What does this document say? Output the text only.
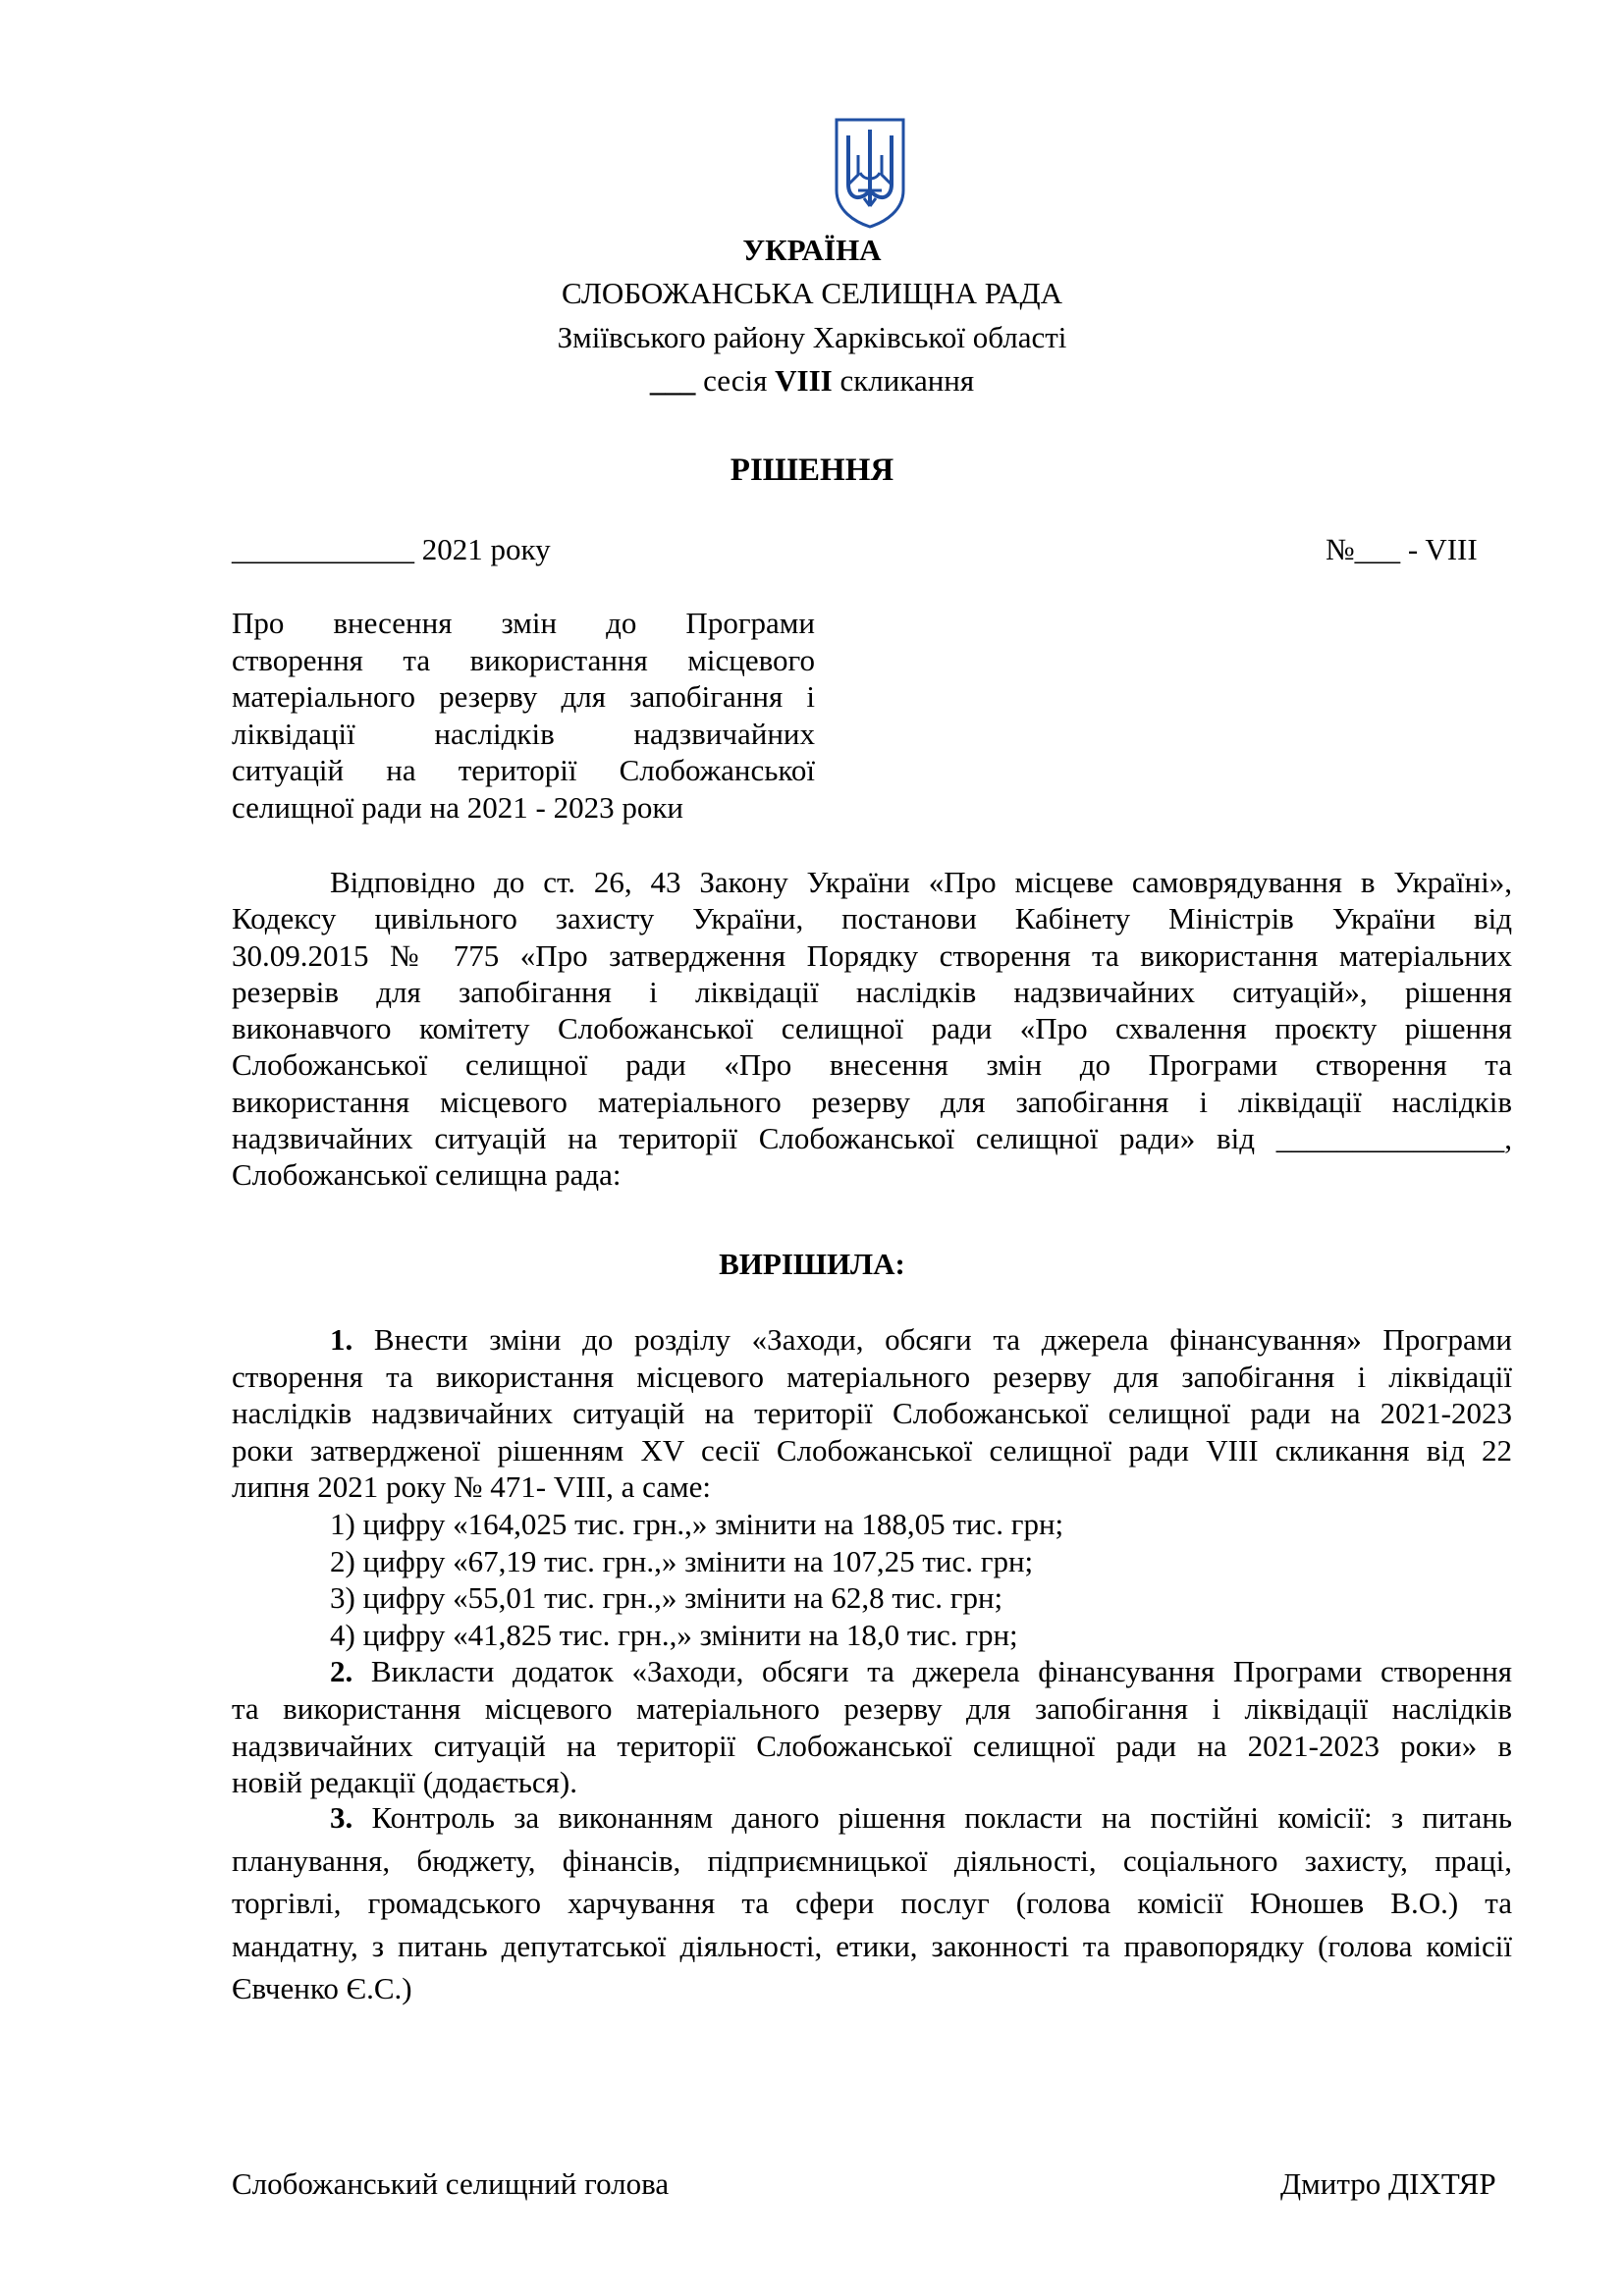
УКРАЇНА
СЛОБОЖАНСЬКА СЕЛИЩНА РАДА
Зміївського району Харківської області
___ сесія VIII скликання
РІШЕННЯ
____________ 2021 року	№___ - VIII
Про внесення змін до Програми
створення та використання місцевого
матеріального резерву для запобігання і
ліквідації наслідків надзвичайних
ситуацій на території Слобожанської
селищної ради на 2021 - 2023 роки
Відповідно до ст. 26, 43 Закону України «Про місцеве самоврядування в Україні»,
Кодексу цивільного захисту України, постанови Кабінету Міністрів України від
30.09.2015 № 775 «Про затвердження Порядку створення та використання матеріальних
резервів для запобігання і ліквідації наслідків надзвичайних ситуацій», рішення
виконавчого комітету Слобожанської селищної ради «Про схвалення проєкту рішення
Слобожанської селищної ради «Про внесення змін до Програми створення та
використання місцевого матеріального резерву для запобігання і ліквідації наслідків
надзвичайних ситуацій на території Слобожанської селищної ради» від _______________,
Слобожанської селищна рада:
ВИРІШИЛА:
1. Внести зміни до розділу «Заходи, обсяги та джерела фінансування» Програми
створення та використання місцевого матеріального резерву для запобігання і ліквідації
наслідків надзвичайних ситуацій на території Слобожанської селищної ради на 2021-2023
роки затвердженої рішенням XV сесії Слобожанської селищної ради VIII скликання від 22
липня 2021 року № 471- VIII, а саме:
1) цифру «164,025 тис. грн.,» змінити на 188,05 тис. грн;
2) цифру «67,19 тис. грн.,» змінити на 107,25 тис. грн;
3) цифру «55,01 тис. грн.,» змінити на 62,8 тис. грн;
4) цифру «41,825 тис. грн.,» змінити на 18,0 тис. грн;
2. Викласти додаток «Заходи, обсяги та джерела фінансування Програми створення
та використання місцевого матеріального резерву для запобігання і ліквідації наслідків
надзвичайних ситуацій на території Слобожанської селищної ради на 2021-2023 роки» в
новій редакції (додається).
3. Контроль за виконанням даного рішення покласти на постійні комісії: з питань
планування, бюджету, фінансів, підприємницької діяльності, соціального захисту, праці,
торгівлі, громадського харчування та сфери послуг (голова комісії Юношев В.О.) та
мандатну, з питань депутатської діяльності, етики, законності та правопорядку (голова комісії
Євченко Є.С.)
Слобожанський селищний голова	Дмитро ДІХТЯР
